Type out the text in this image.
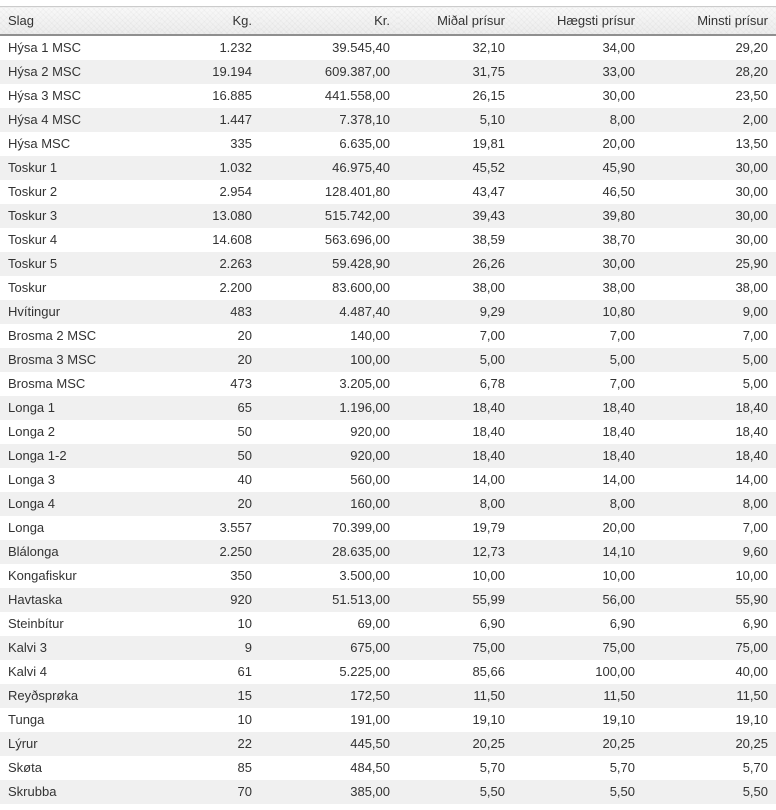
Slag	Kg.	Kr.	Miðal prísur	Hægsti prísur	Minsti prísur
Hýsa 1 MSC	1.232	39.545,40	32,10	34,00	29,20
Hýsa 2 MSC	19.194	609.387,00	31,75	33,00	28,20
Hýsa 3 MSC	16.885	441.558,00	26,15	30,00	23,50
Hýsa 4 MSC	1.447	7.378,10	5,10	8,00	2,00
Hýsa MSC	335	6.635,00	19,81	20,00	13,50
Toskur 1	1.032	46.975,40	45,52	45,90	30,00
Toskur 2	2.954	128.401,80	43,47	46,50	30,00
Toskur 3	13.080	515.742,00	39,43	39,80	30,00
Toskur 4	14.608	563.696,00	38,59	38,70	30,00
Toskur 5	2.263	59.428,90	26,26	30,00	25,90
Toskur	2.200	83.600,00	38,00	38,00	38,00
Hvítingur	483	4.487,40	9,29	10,80	9,00
Brosma 2 MSC	20	140,00	7,00	7,00	7,00
Brosma 3 MSC	20	100,00	5,00	5,00	5,00
Brosma MSC	473	3.205,00	6,78	7,00	5,00
Longa 1	65	1.196,00	18,40	18,40	18,40
Longa 2	50	920,00	18,40	18,40	18,40
Longa 1-2	50	920,00	18,40	18,40	18,40
Longa 3	40	560,00	14,00	14,00	14,00
Longa 4	20	160,00	8,00	8,00	8,00
Longa	3.557	70.399,00	19,79	20,00	7,00
Blálonga	2.250	28.635,00	12,73	14,10	9,60
Kongafiskur	350	3.500,00	10,00	10,00	10,00
Havtaska	920	51.513,00	55,99	56,00	55,90
Steinbítur	10	69,00	6,90	6,90	6,90
Kalvi 3	9	675,00	75,00	75,00	75,00
Kalvi 4	61	5.225,00	85,66	100,00	40,00
Reyðsprøka	15	172,50	11,50	11,50	11,50
Tunga	10	191,00	19,10	19,10	19,10
Lýrur	22	445,50	20,25	20,25	20,25
Skøta	85	484,50	5,70	5,70	5,70
Skrubba	70	385,00	5,50	5,50	5,50
